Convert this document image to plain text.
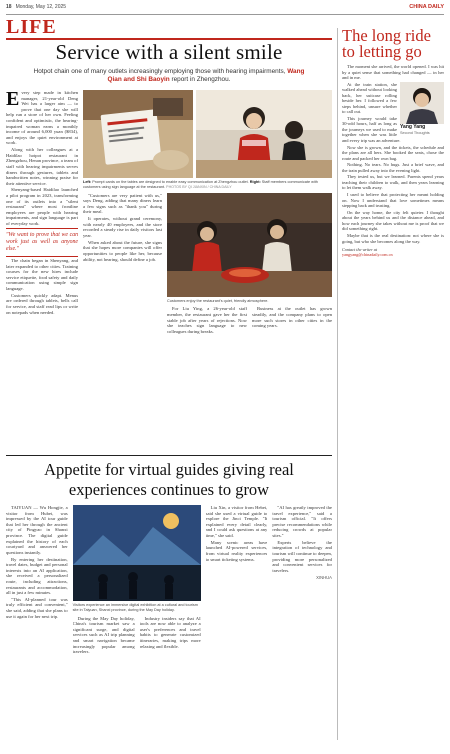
18 Monday, May 12, 2025	CHINA DAILY
LIFE
Service with a silent smile
Hotpot chain one of many outlets increasingly employing those with hearing impairments, Wang Qian and Shi Baoyin report in Zhengzhou.

Every step made in kitchen manager, 21-year-old Deng Wei has a larger aim — to prove that one day she will help run a store of her own. Feeling confident and optimistic, the hearing-impaired woman earns a monthly income of around 6,000 yuan ($834), and enjoys the quiet environment at work.

Along with her colleagues at a Haidilao hotpot restaurant in Zhengzhou, Henan province, a team of staff with hearing impairments serves diners through gestures, tablets and handwritten notes, winning praise for their attentive service.

Shenyang-based Haidilao launched a pilot program in 2023, transforming one of its outlets into a "silent restaurant" where most frontline employees are people with hearing impairments, and sign language is part of everyday work.

"We want to prove that we can work just as well as anyone else."

The chain began in Shenyang, and later expanded to other cities. Training courses for the new hires include service etiquette, food safety and daily communication using simple sign language.

Customers quickly adapt. Menus are ordered through tablets, bells call for service, and staff read lips or write on notepads when needed.

Left: Prompt cards on the tables are designed to enable easy communication at Zhengzhou outlet. Right: Staff members communicate with customers using sign language at the restaurant. PHOTOS BY QI JIANXIN / CHINA DAILY

"Customers are very patient with us," says Deng, adding that many diners learn a few signs such as "thank you" during their meal.

It operates, without grand ceremony, with nearly 40 employees, and the store recorded a steady rise in daily visitors last year.

When asked about the future, she signs that she hopes more companies will offer opportunities to people like her, because ability, not hearing, should define a job.

Customers enjoy the restaurant's quiet, friendly atmosphere.

For Liu Ying, a 26-year-old staff member, the restaurant gave her the first stable job after years of rejections. Now she teaches sign language to new colleagues during breaks.

Business at the outlet has grown steadily, and the company plans to open more such stores in other cities in the coming years.

Appetite for virtual guides giving real experiences continues to grow

TAIYUAN — Wu Hongjie, a visitor from Hubei, was impressed by the AI tour guide that led her through the ancient city of Pingyao in Shanxi province. The digital guide explained the history of each courtyard and answered her questions instantly.

By entering her destination, travel dates, budget and personal interests into an AI application, she received a personalized route, including attractions, restaurants and accommodation, all in just a few minutes.

"This AI-planned tour was truly efficient and convenient," she said, adding that she plans to use it again for her next trip.

Visitors experience an immersive digital exhibition at a cultural and tourism site in Taiyuan, Shanxi province, during the May Day holiday.

During the May Day holiday, China's tourism market saw a significant surge, and digital services such as AI trip planning and smart navigation became increasingly popular among travelers.

Industry insiders say that AI tools are now able to analyze a user's preferences and travel habits to generate customized itineraries, making trips more relaxing and flexible.

Liu Xin, a visitor from Hebei, said she used a virtual guide to explore the Jinci Temple. "It explained every detail clearly, and I could ask questions at any time," she said.

Many scenic areas have launched AI-powered services, from virtual reality experiences to smart ticketing systems.

"AI has greatly improved the travel experience," said a tourism official. "It offers precise recommendations while reducing crowds at popular sites."

Experts believe the integration of technology and tourism will continue to deepen, providing more personalized and convenient services for travelers.

XINHUA
The long ride to letting go

The moment she arrived, the world opened. I was hit by a quiet sense that something had changed — in her and in me.

Yang Yang
Second Thoughts

At the train station, she walked ahead without looking back, her suitcase rolling beside her. I followed a few steps behind, unsure whether to call out.

This journey would take 30-odd hours, half as long as the journeys we used to make together when she was little and every trip was an adventure.

Now she is grown, and the tickets, the schedule and the plans are all hers. She booked the seats, chose the route and packed her own bag.

Nothing. No tears. No hugs. Just a brief wave, and the train pulled away into the evening light.

They tested us, but we learned. Parents spend years teaching their children to walk, and then years learning to let them walk away.

I used to believe that protecting her meant holding on. Now I understand that love sometimes means stepping back and trusting.

On the way home, the city felt quieter. I thought about the years behind us and the distance ahead, and how each journey she takes without me is proof that we did something right.

Maybe that is the real destination: not where she is going, but who she becomes along the way.

Contact the writer at
yangyang@chinadaily.com.cn
